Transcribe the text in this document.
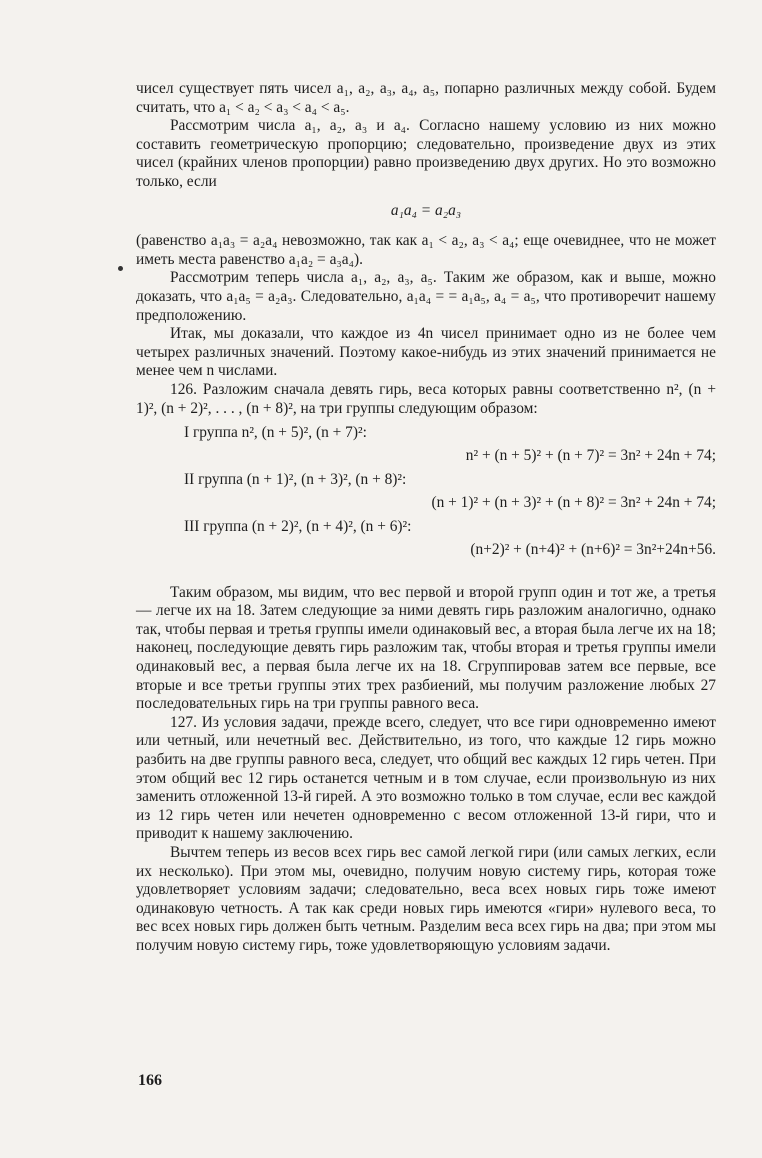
чисел существует пять чисел a₁, a₂, a₃, a₄, a₅, попарно различных между собой. Будем считать, что a₁ < a₂ < a₃ < a₄ < a₅.

Рассмотрим числа a₁, a₂, a₃ и a₄. Согласно нашему условию из них можно составить геометрическую пропорцию; следовательно, произведение двух из этих чисел (крайних членов пропорции) равно произведению двух других. Но это возможно только, если

a₁a₄ = a₂a₃

(равенство a₁a₃ = a₂a₄ невозможно, так как a₁ < a₂, a₃ < a₄; еще очевиднее, что не может иметь места равенство a₁a₂ = a₃a₄).

Рассмотрим теперь числа a₁, a₂, a₃, a₅. Таким же образом, как и выше, можно доказать, что a₁a₅ = a₂a₃. Следовательно, a₁a₄ = = a₁a₅, a₄ = a₅, что противоречит нашему предположению.

Итак, мы доказали, что каждое из 4n чисел принимает одно из не более чем четырех различных значений. Поэтому какое-нибудь из этих значений принимается не менее чем n числами.

126. Разложим сначала девять гирь, веса которых равны соответственно n², (n + 1)², (n + 2)², . . . , (n + 8)², на три группы следующим образом:

I группа n², (n + 5)², (n + 7)²:

n² + (n + 5)² + (n + 7)² = 3n² + 24n + 74;

II группа (n + 1)², (n + 3)², (n + 8)²:

(n + 1)² + (n + 3)² + (n + 8)² = 3n² + 24n + 74;

III группа (n + 2)², (n + 4)², (n + 6)²:

(n+2)² + (n+4)² + (n+6)² = 3n²+24n+56.

Таким образом, мы видим, что вес первой и второй групп один и тот же, а третья — легче их на 18. Затем следующие за ними девять гирь разложим аналогично, однако так, чтобы первая и третья группы имели одинаковый вес, а вторая была легче их на 18; наконец, последующие девять гирь разложим так, чтобы вторая и третья группы имели одинаковый вес, а первая была легче их на 18. Сгруппировав затем все первые, все вторые и все третьи группы этих трех разбиений, мы получим разложение любых 27 последовательных гирь на три группы равного веса.

127. Из условия задачи, прежде всего, следует, что все гири одновременно имеют или четный, или нечетный вес. Действительно, из того, что каждые 12 гирь можно разбить на две группы равного веса, следует, что общий вес каждых 12 гирь четен. При этом общий вес 12 гирь останется четным и в том случае, если произвольную из них заменить отложенной 13-й гирей. А это возможно только в том случае, если вес каждой из 12 гирь четен или нечетен одновременно с весом отложенной 13-й гири, что и приводит к нашему заключению.

Вычтем теперь из весов всех гирь вес самой легкой гири (или самых легких, если их несколько). При этом мы, очевидно, получим новую систему гирь, которая тоже удовлетворяет условиям задачи; следовательно, веса всех новых гирь тоже имеют одинаковую четность. А так как среди новых гирь имеются «гири» нулевого веса, то вес всех новых гирь должен быть четным. Разделим веса всех гирь на два; при этом мы получим новую систему гирь, тоже удовлетворяющую условиям задачи.

166
